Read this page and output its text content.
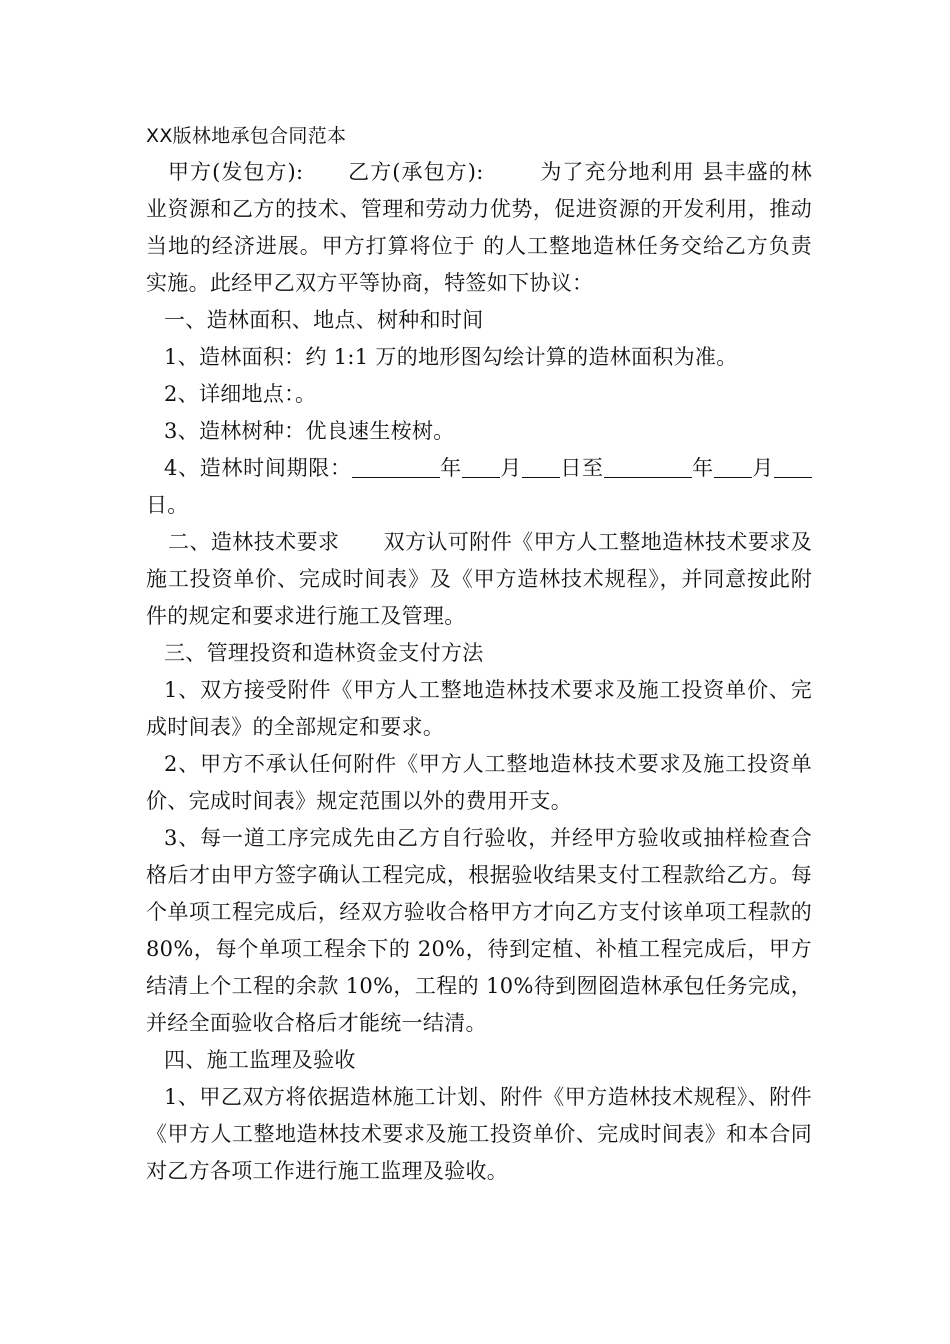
XX版林地承包合同范本

甲方(发包方): 乙方(承包方):	为了充分地利用 县丰盛的林业资源和乙方的技术、管理和劳动力优势，促进资源的开发利用，推动当地的经济进展。甲方打算将位于 的人工整地造林任务交给乙方负责实施。此经甲乙双方平等协商，特签如下协议：

一、造林面积、地点、树种和时间

1、造林面积：约 1:1 万的地形图勾绘计算的造林面积为准。

2、详细地点：。

3、造林树种：优良速生桉树。

4、造林时间期限：	年 月 日至	年 月日。

二、造林技术要求 双方认可附件《甲方人工整地造林技术要求及施工投资单价、完成时间表》及《甲方造林技术规程》，并同意按此附件的规定和要求进行施工及管理。

三、管理投资和造林资金支付方法

1、双方接受附件《甲方人工整地造林技术要求及施工投资单价、完成时间表》的全部规定和要求。

2、甲方不承认任何附件《甲方人工整地造林技术要求及施工投资单价、完成时间表》规定范围以外的费用开支。

3、每一道工序完成先由乙方自行验收，并经甲方验收或抽样检查合格后才由甲方签字确认工程完成，根据验收结果支付工程款给乙方。每个单项工程完成后，经双方验收合格甲方才向乙方支付该单项工程款的 80%，每个单项工程余下的 20%，待到定植、补植工程完成后，甲方结清上个工程的余款 10%，工程的 10%待到囫囵造林承包任务完成，并经全面验收合格后才能统一结清。

四、施工监理及验收

1、甲乙双方将依据造林施工计划、附件《甲方造林技术规程》、附件《甲方人工整地造林技术要求及施工投资单价、完成时间表》和本合同对乙方各项工作进行施工监理及验收。
